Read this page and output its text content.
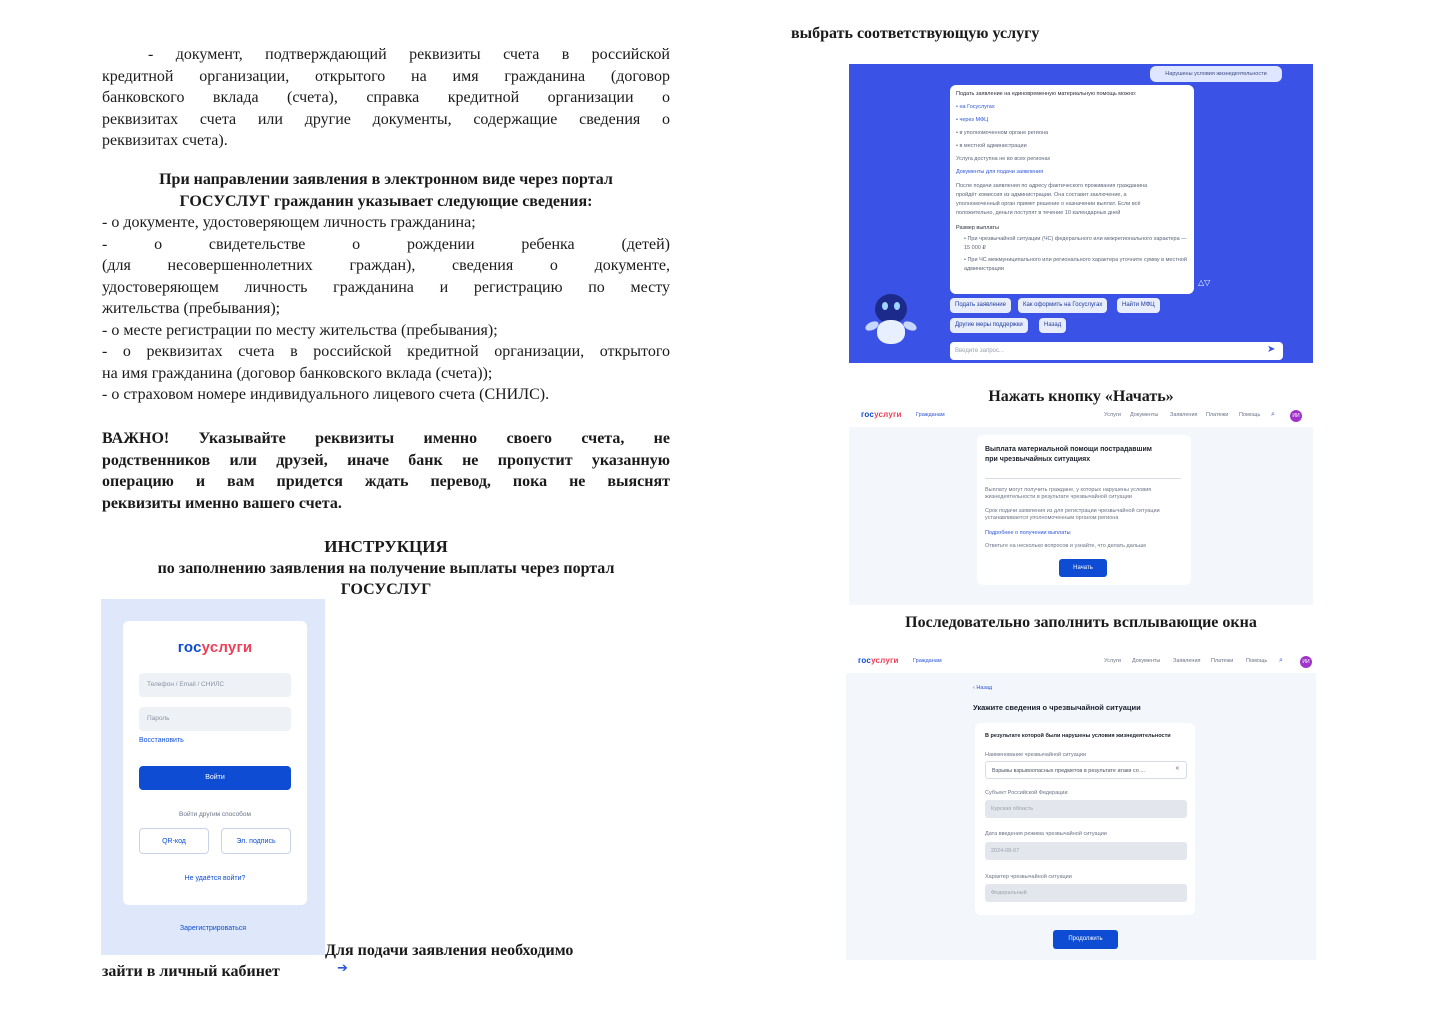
- документ, подтверждающий реквизиты счета в российской
кредитной организации, открытого на имя гражданина (договор
банковского вклада (счета), справка кредитной организации о
реквизитах счета или другие документы, содержащие сведения о
реквизитах счета).
При направлении заявления в электронном виде через портал
ГОСУСЛУГ гражданин указывает следующие сведения:
- о документе, удостоверяющем личность гражданина;
- о свидетельстве о рождении ребенка (детей)
(для несовершеннолетних граждан), сведения о документе,
удостоверяющем личность гражданина и регистрацию по месту
жительства (пребывания);
- о месте регистрации по месту жительства (пребывания);
- о реквизитах счета в российской кредитной организации, открытого
на имя гражданина (договор банковского вклада (счета));
- о страховом номере индивидуального лицевого счета (СНИЛС).
ВАЖНО! Указывайте реквизиты именно своего счета, не
родственников или друзей, иначе банк не пропустит указанную
операцию и вам придется ждать перевод, пока не выяснят
реквизиты именно вашего счета.
ИНСТРУКЦИЯ
по заполнению заявления на получение выплаты через портал
ГОСУСЛУГ
госуслуги
Телефон / Email / СНИЛС
Пароль
Восстановить
Войти
Войти другим способом
QR-код	Эл. подпись
Не удаётся войти?
Зарегистрироваться
Для подачи заявления необходимо
зайти в личный кабинет	➔
выбрать соответствующую услугу
Нарушены условия жизнедеятельности
Подать заявление на единовременную материальную помощь можно:
• на Госуслугах
• через МФЦ
• в уполномоченном органе региона
• в местной администрации
Услуга доступна не во всех регионах
Документы для подачи заявления
После подачи заявления по адресу фактического проживания гражданина
пройдёт комиссия из администрации. Она составит заключение, а
уполномоченный орган примет решение о назначении выплат. Если всё
положительно, деньги поступят в течение 10 календарных дней
Размер выплаты
• При чрезвычайной ситуации (ЧС) федерального или межрегионального характера — 15 000 ₽
• При ЧС межмуниципального или регионального характера уточните сумму в местной администрации
△▽
Подать заявление	Как оформить на Госуслугах	Найти МФЦ
Другие меры поддержки	Назад
Введите запрос...	➤
Нажать кнопку «Начать»
госуслуги	Гражданам	Услуги Документы Заявления Платежи Помощь ⌕	ИИ
Выплата материальной помощи пострадавшим
при чрезвычайных ситуациях
Выплату могут получить граждане, у которых нарушены условия
жизнедеятельности в результате чрезвычайной ситуации
Срок подачи заявления из для регистрации чрезвычайной ситуации
устанавливается уполномоченным органом региона
Подробнее о получении выплаты
Ответьте на несколько вопросов и узнайте, что делать дальше
Начать
Последовательно заполнить всплывающие окна
госуслуги	Гражданам	Услуги Документы Заявления Платежи Помощь ⌕	ИИ
‹ Назад
Укажите сведения о чрезвычайной ситуации
В результате которой были нарушены условия жизнедеятельности
Наименование чрезвычайной ситуации
Взрывы взрывоопасных предметов в результате атаки со ...	✕
Субъект Российской Федерации
Курская область
Дата введения режима чрезвычайной ситуации
2024-08-07
Характер чрезвычайной ситуации
Федеральный
Продолжить
